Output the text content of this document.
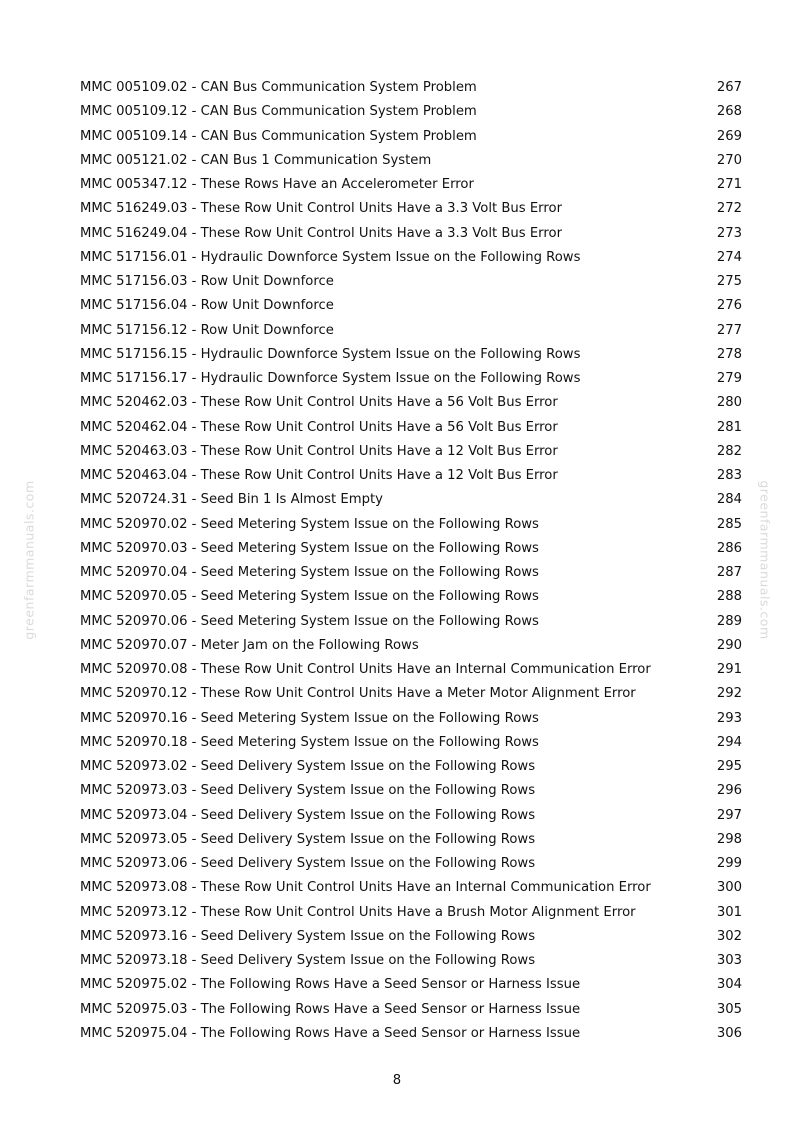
greenfarmmanuals.com	greenfarmmanuals.com
MMC 005109.02 - CAN Bus Communication System Problem	267
MMC 005109.12 - CAN Bus Communication System Problem	268
MMC 005109.14 - CAN Bus Communication System Problem	269
MMC 005121.02 - CAN Bus 1 Communication System	270
MMC 005347.12 - These Rows Have an Accelerometer Error	271
MMC 516249.03 - These Row Unit Control Units Have a 3.3 Volt Bus Error	272
MMC 516249.04 - These Row Unit Control Units Have a 3.3 Volt Bus Error	273
MMC 517156.01 - Hydraulic Downforce System Issue on the Following Rows	274
MMC 517156.03 - Row Unit Downforce	275
MMC 517156.04 - Row Unit Downforce	276
MMC 517156.12 - Row Unit Downforce	277
MMC 517156.15 - Hydraulic Downforce System Issue on the Following Rows	278
MMC 517156.17 - Hydraulic Downforce System Issue on the Following Rows	279
MMC 520462.03 - These Row Unit Control Units Have a 56 Volt Bus Error	280
MMC 520462.04 - These Row Unit Control Units Have a 56 Volt Bus Error	281
MMC 520463.03 - These Row Unit Control Units Have a 12 Volt Bus Error	282
MMC 520463.04 - These Row Unit Control Units Have a 12 Volt Bus Error	283
MMC 520724.31 - Seed Bin 1 Is Almost Empty	284
MMC 520970.02 - Seed Metering System Issue on the Following Rows	285
MMC 520970.03 - Seed Metering System Issue on the Following Rows	286
MMC 520970.04 - Seed Metering System Issue on the Following Rows	287
MMC 520970.05 - Seed Metering System Issue on the Following Rows	288
MMC 520970.06 - Seed Metering System Issue on the Following Rows	289
MMC 520970.07 - Meter Jam on the Following Rows	290
MMC 520970.08 - These Row Unit Control Units Have an Internal Communication Error	291
MMC 520970.12 - These Row Unit Control Units Have a Meter Motor Alignment Error	292
MMC 520970.16 - Seed Metering System Issue on the Following Rows	293
MMC 520970.18 - Seed Metering System Issue on the Following Rows	294
MMC 520973.02 - Seed Delivery System Issue on the Following Rows	295
MMC 520973.03 - Seed Delivery System Issue on the Following Rows	296
MMC 520973.04 - Seed Delivery System Issue on the Following Rows	297
MMC 520973.05 - Seed Delivery System Issue on the Following Rows	298
MMC 520973.06 - Seed Delivery System Issue on the Following Rows	299
MMC 520973.08 - These Row Unit Control Units Have an Internal Communication Error	300
MMC 520973.12 - These Row Unit Control Units Have a Brush Motor Alignment Error	301
MMC 520973.16 - Seed Delivery System Issue on the Following Rows	302
MMC 520973.18 - Seed Delivery System Issue on the Following Rows	303
MMC 520975.02 - The Following Rows Have a Seed Sensor or Harness Issue	304
MMC 520975.03 - The Following Rows Have a Seed Sensor or Harness Issue	305
MMC 520975.04 - The Following Rows Have a Seed Sensor or Harness Issue	306
8
